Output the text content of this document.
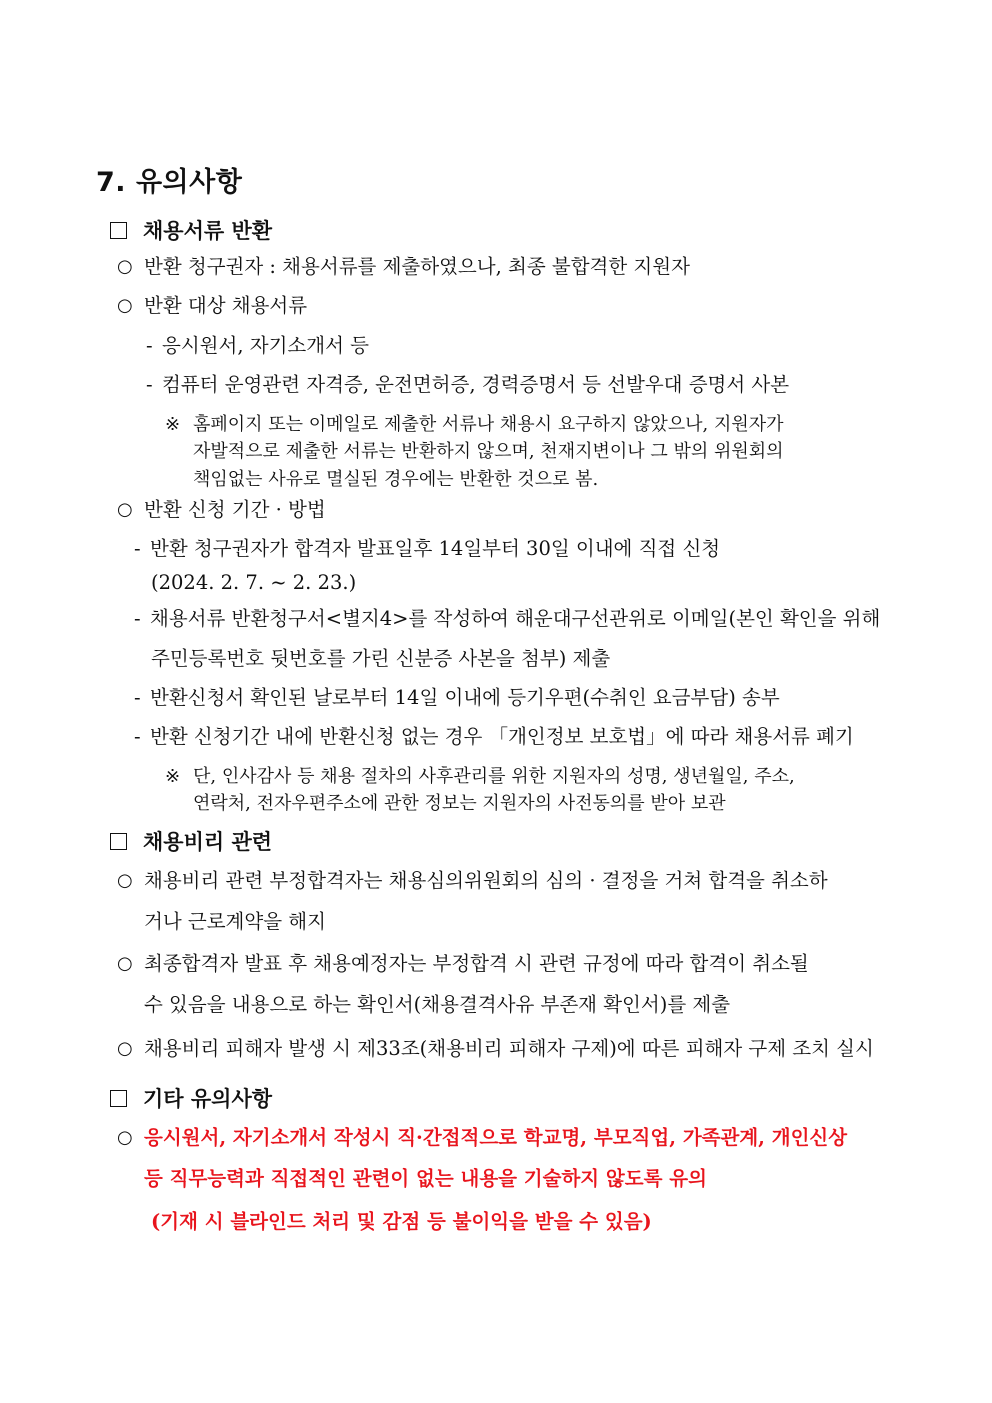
7. 유의사항
채용서류 반환
○ 반환 청구권자 : 채용서류를 제출하였으나, 최종 불합격한 지원자
○ 반환 대상 채용서류
- 응시원서, 자기소개서 등
- 컴퓨터 운영관련 자격증, 운전면허증, 경력증명서 등 선발우대 증명서 사본
※ 홈페이지 또는 이메일로 제출한 서류나 채용시 요구하지 않았으나, 지원자가
자발적으로 제출한 서류는 반환하지 않으며, 천재지변이나 그 밖의 위원회의
책임없는 사유로 멸실된 경우에는 반환한 것으로 봄.
○ 반환 신청 기간 · 방법
- 반환 청구권자가 합격자 발표일후 14일부터 30일 이내에 직접 신청
(2024. 2. 7. ~ 2. 23.)
- 채용서류 반환청구서<별지4>를 작성하여 해운대구선관위로 이메일(본인 확인을 위해
주민등록번호 뒷번호를 가린 신분증 사본을 첨부) 제출
- 반환신청서 확인된 날로부터 14일 이내에 등기우편(수취인 요금부담) 송부
- 반환 신청기간 내에 반환신청 없는 경우 「개인정보 보호법」에 따라 채용서류 폐기
※ 단, 인사감사 등 채용 절차의 사후관리를 위한 지원자의 성명, 생년월일, 주소,
연락처, 전자우편주소에 관한 정보는 지원자의 사전동의를 받아 보관
채용비리 관련
○ 채용비리 관련 부정합격자는 채용심의위원회의 심의 · 결정을 거쳐 합격을 취소하
거나 근로계약을 해지
○ 최종합격자 발표 후 채용예정자는 부정합격 시 관련 규정에 따라 합격이 취소될
수 있음을 내용으로 하는 확인서(채용결격사유 부존재 확인서)를 제출
○ 채용비리 피해자 발생 시 제33조(채용비리 피해자 구제)에 따른 피해자 구제 조치 실시
기타 유의사항
○ 응시원서, 자기소개서 작성시 직·간접적으로 학교명, 부모직업, 가족관계, 개인신상
등 직무능력과 직접적인 관련이 없는 내용을 기술하지 않도록 유의
(기재 시 블라인드 처리 및 감점 등 불이익을 받을 수 있음)
